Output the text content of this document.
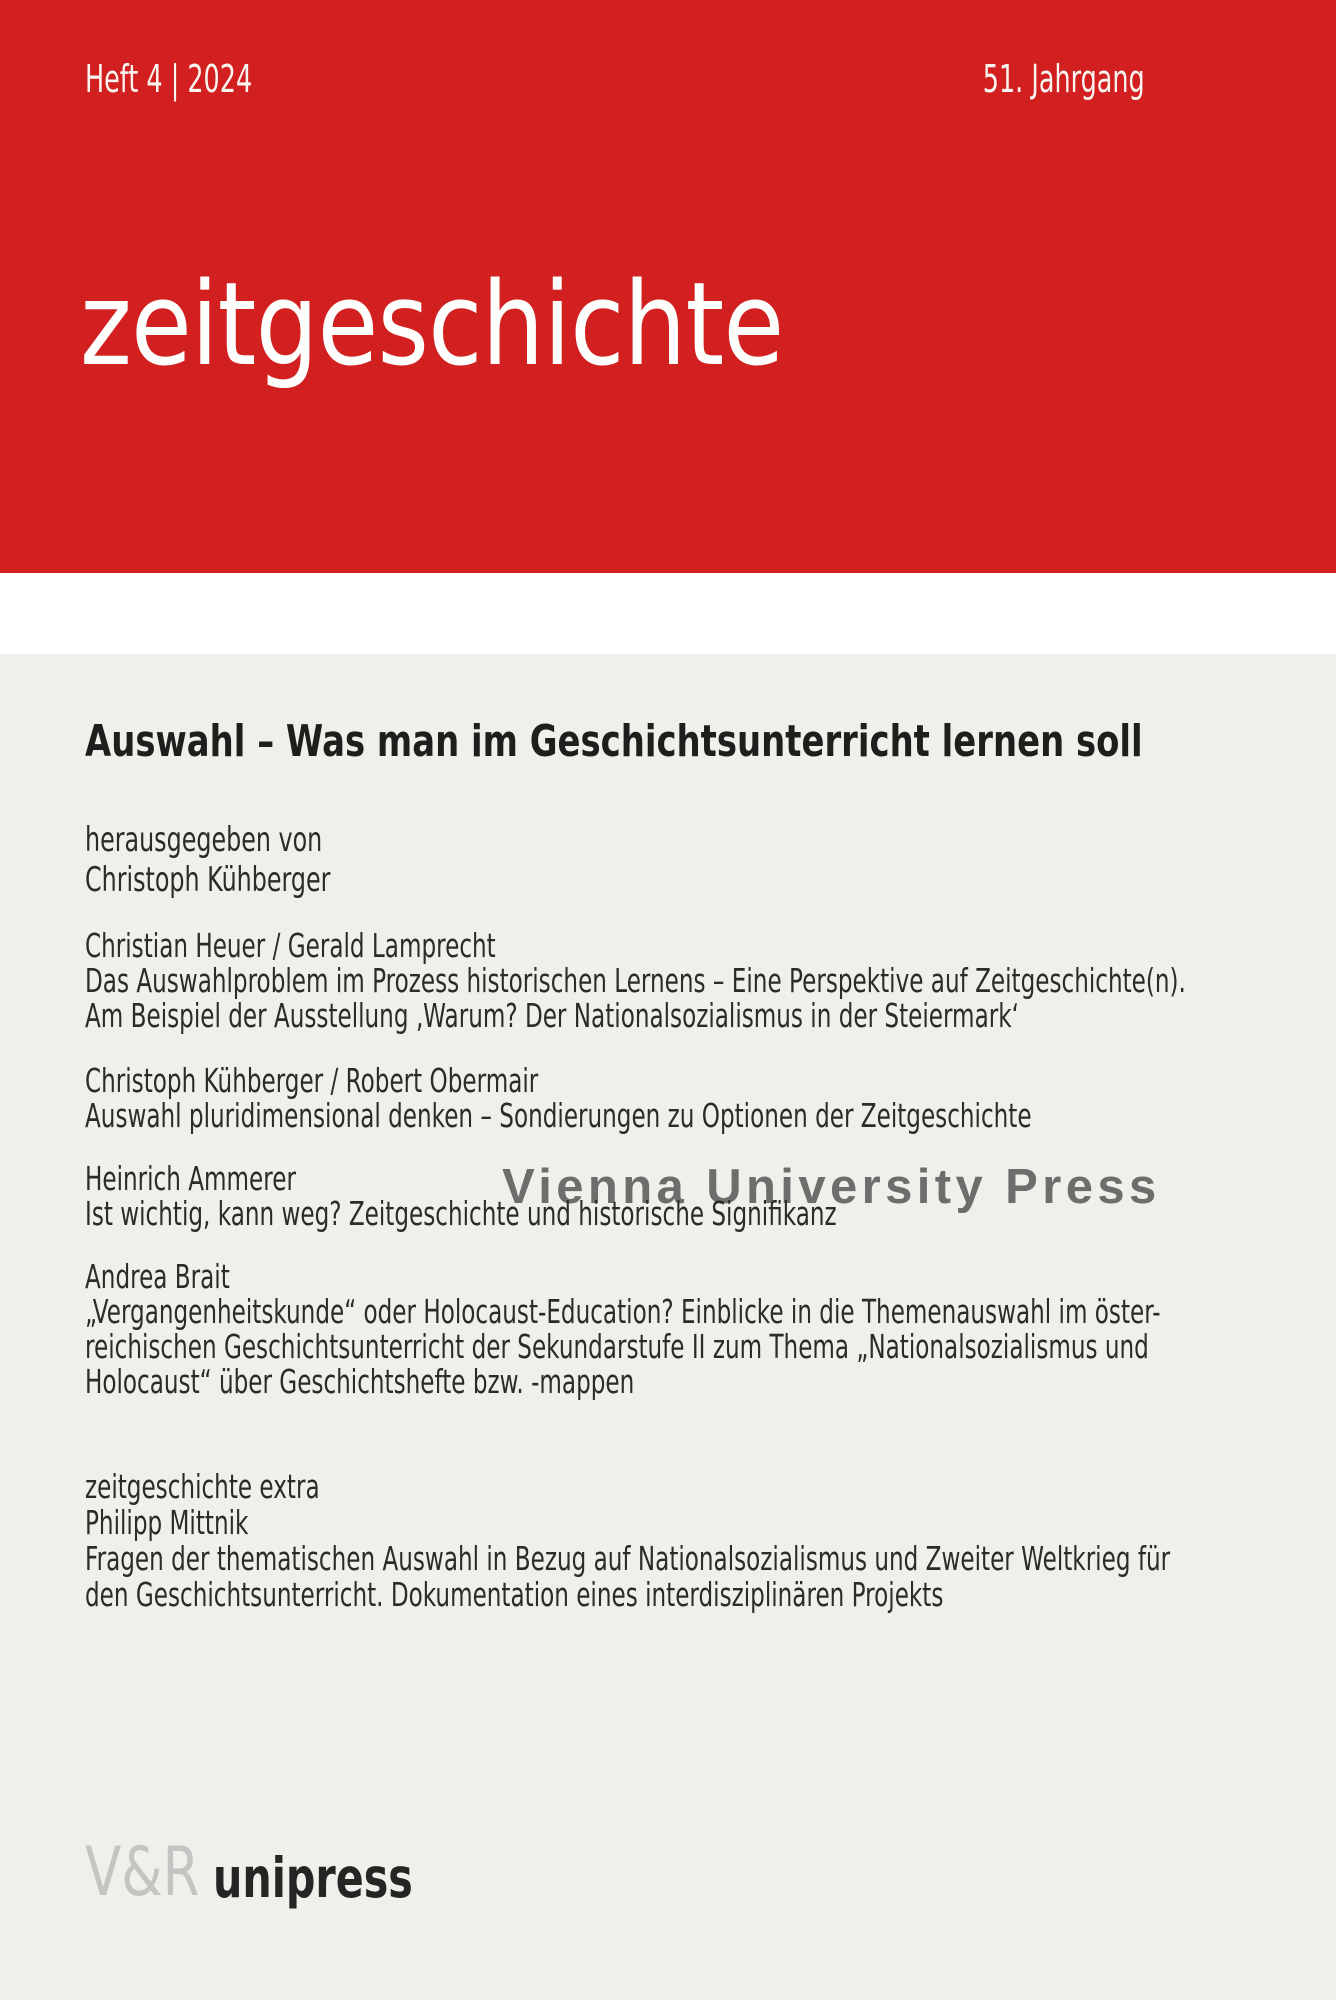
Heft 4 | 2024	51. Jahrgang
zeitgeschichte
Vienna University Press
Auswahl – Was man im Geschichtsunterricht lernen soll
herausgegeben von
Christoph Kühberger
Christian Heuer / Gerald Lamprecht
Das Auswahlproblem im Prozess historischen Lernens – Eine Perspektive auf Zeitgeschichte(n).
Am Beispiel der Ausstellung ‚Warum? Der Nationalsozialismus in der Steiermark‘
Christoph Kühberger / Robert Obermair
Auswahl pluridimensional denken – Sondierungen zu Optionen der Zeitgeschichte
Heinrich Ammerer
Ist wichtig, kann weg? Zeitgeschichte und historische Signifikanz
Andrea Brait
„Vergangenheitskunde“ oder Holocaust-Education? Einblicke in die Themenauswahl im öster-
reichischen Geschichtsunterricht der Sekundarstufe II zum Thema „Nationalsozialismus und
Holocaust“ über Geschichtshefte bzw. -mappen
zeitgeschichte extra
Philipp Mittnik
Fragen der thematischen Auswahl in Bezug auf Nationalsozialismus und Zweiter Weltkrieg für
den Geschichtsunterricht. Dokumentation eines interdisziplinären Projekts
V&R unipress
